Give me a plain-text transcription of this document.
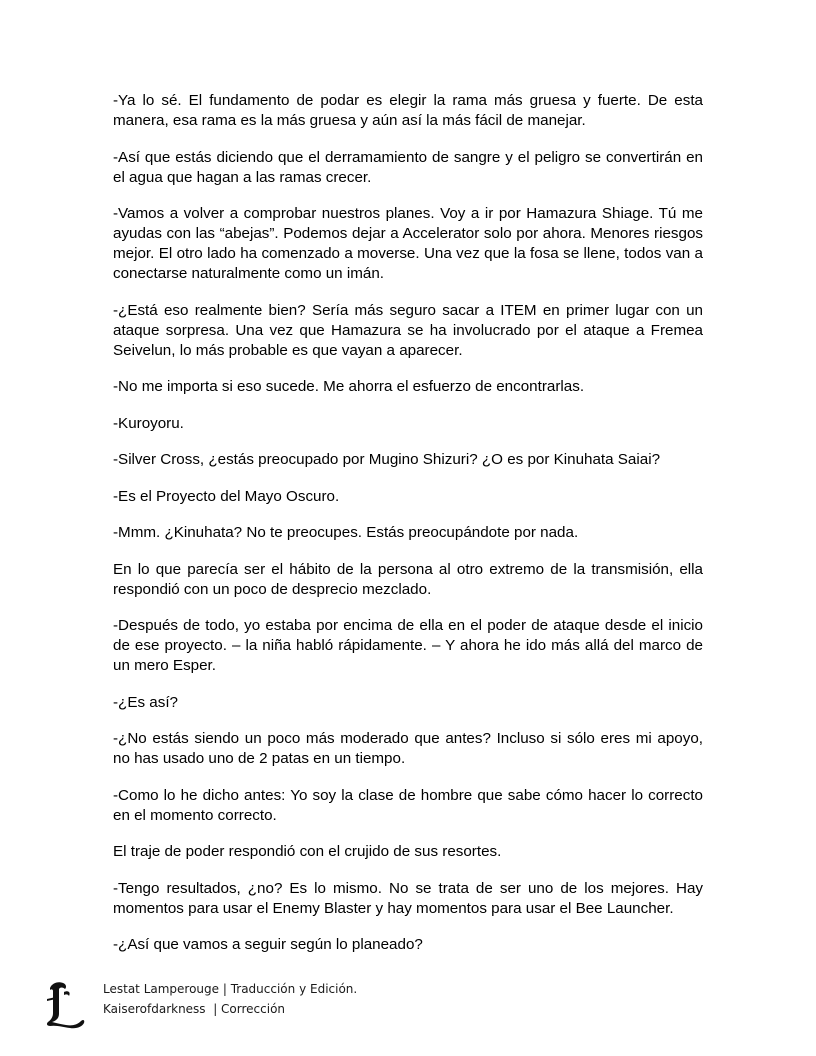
-Ya lo sé. El fundamento de podar es elegir la rama más gruesa y fuerte. De esta manera, esa rama es la más gruesa y aún así la más fácil de manejar.

-Así que estás diciendo que el derramamiento de sangre y el peligro se convertirán en el agua que hagan a las ramas crecer.

-Vamos a volver a comprobar nuestros planes. Voy a ir por Hamazura Shiage. Tú me ayudas con las “abejas”. Podemos dejar a Accelerator solo por ahora. Menores riesgos mejor. El otro lado ha comenzado a moverse. Una vez que la fosa se llene, todos van a conectarse naturalmente como un imán.

-¿Está eso realmente bien? Sería más seguro sacar a ITEM en primer lugar con un ataque sorpresa. Una vez que Hamazura se ha involucrado por el ataque a Fremea Seivelun, lo más probable es que vayan a aparecer.

-No me importa si eso sucede. Me ahorra el esfuerzo de encontrarlas.

-Kuroyoru.

-Silver Cross, ¿estás preocupado por Mugino Shizuri? ¿O es por Kinuhata Saiai?

-Es el Proyecto del Mayo Oscuro.

-Mmm. ¿Kinuhata? No te preocupes. Estás preocupándote por nada.

En lo que parecía ser el hábito de la persona al otro extremo de la transmisión, ella respondió con un poco de desprecio mezclado.

-Después de todo, yo estaba por encima de ella en el poder de ataque desde el inicio de ese proyecto. – la niña habló rápidamente. – Y ahora he ido más allá del marco de un mero Esper.

-¿Es así?

-¿No estás siendo un poco más moderado que antes? Incluso si sólo eres mi apoyo, no has usado uno de 2 patas en un tiempo.

-Como lo he dicho antes: Yo soy la clase de hombre que sabe cómo hacer lo correcto en el momento correcto.

El traje de poder respondió con el crujido de sus resortes.

-Tengo resultados, ¿no? Es lo mismo. No se trata de ser uno de los mejores. Hay momentos para usar el Enemy Blaster y hay momentos para usar el Bee Launcher.

-¿Así que vamos a seguir según lo planeado?

Lestat Lamperouge | Traducción y Edición.
Kaiserofdarkness  | Corrección
